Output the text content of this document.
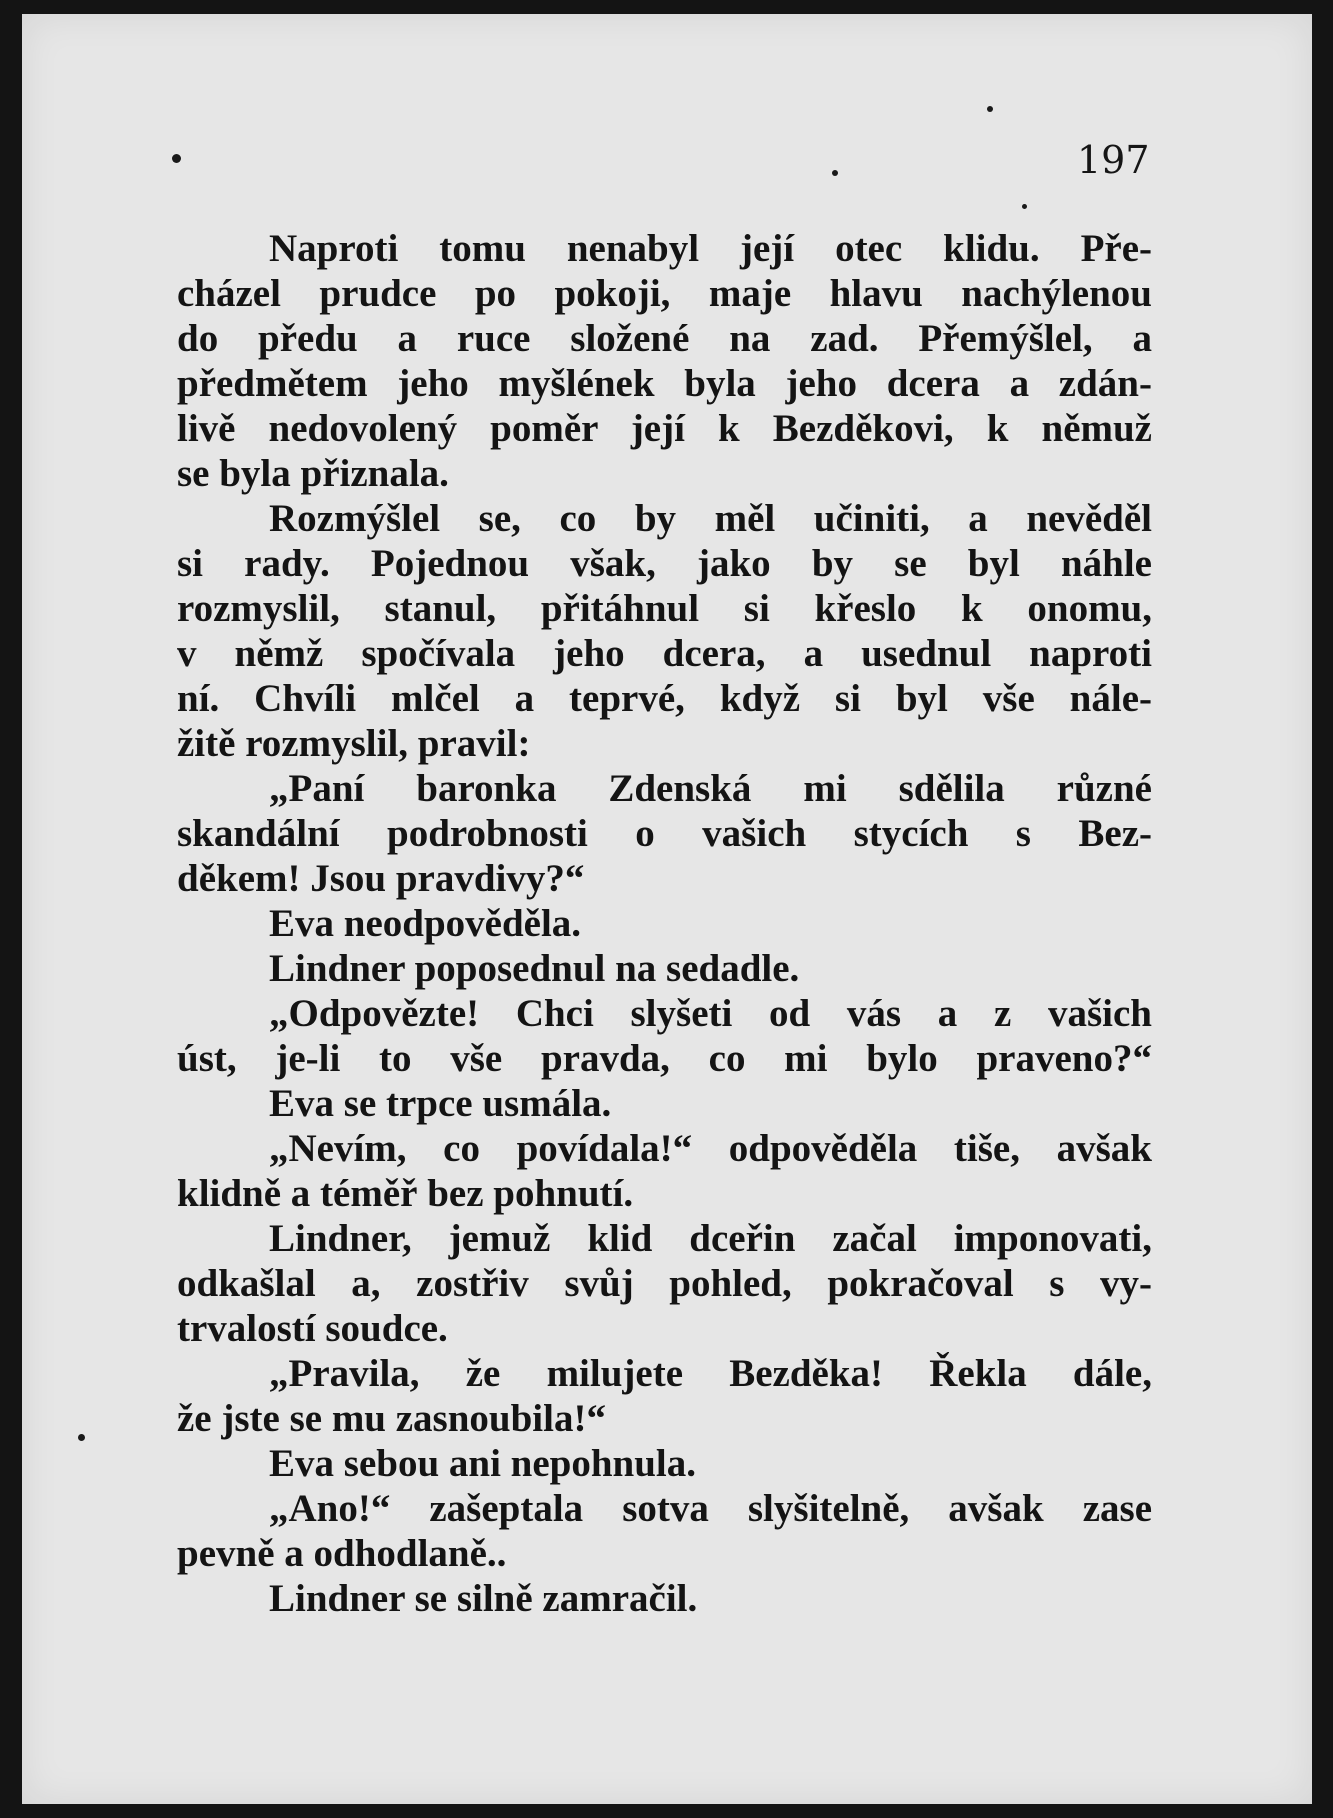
197
Naproti tomu nenabyl její otec klidu. Pře-
cházel prudce po pokoji, maje hlavu nachýlenou
do předu a ruce složené na zad. Přemýšlel, a
předmětem jeho myšlének byla jeho dcera a zdán-
livě nedovolený poměr její k Bezděkovi, k němuž
se byla přiznala.
Rozmýšlel se, co by měl učiniti, a nevěděl
si rady. Pojednou však, jako by se byl náhle
rozmyslil, stanul, přitáhnul si křeslo k onomu,
v němž spočívala jeho dcera, a usednul naproti
ní. Chvíli mlčel a teprvé, když si byl vše nále-
žitě rozmyslil, pravil:
„Paní baronka Zdenská mi sdělila různé
skandální podrobnosti o vašich stycích s Bez-
děkem! Jsou pravdivy?“
Eva neodpověděla.
Lindner poposednul na sedadle.
„Odpovězte! Chci slyšeti od vás a z vašich
úst, je-li to vše pravda, co mi bylo praveno?“
Eva se trpce usmála.
„Nevím, co povídala!“ odpověděla tiše, avšak
klidně a téměř bez pohnutí.
Lindner, jemuž klid dceřin začal imponovati,
odkašlal a, zostřiv svůj pohled, pokračoval s vy-
trvalostí soudce.
„Pravila, že milujete Bezděka! Řekla dále,
že jste se mu zasnoubila!“
Eva sebou ani nepohnula.
„Ano!“ zašeptala sotva slyšitelně, avšak zase
pevně a odhodlaně..
Lindner se silně zamračil.
